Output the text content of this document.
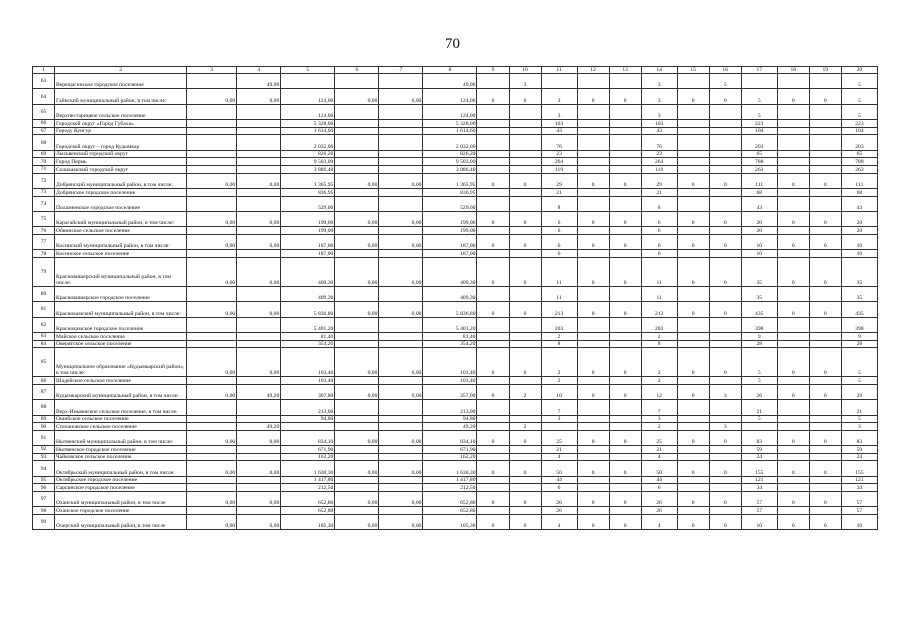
70
1	2	3	4	5	6	7	8	9	10	11	12	13	14	15	16	17	18	19	20
63	Верещагинское городское поселение		49,00				49,00		3				3		5				5
64	Гайнский муниципальный район, в том числе:	0,00	0,00	124,00	0,00	0,00	124,00	0	0	3	0	0	3	0	0	5	0	0	5
65	Верхнестарицкое сельское поселение			124,00			124,00			3			3			5			5
66	Городской округ «Город Губаха»			5 328,00			5 328,00			103			103			223			223
67	Городу Кунгур			1 614,60			1 614,60			43			43			104			104
68	Городской округ – город Кудымкар			2 032,00			2 032,00			76			76			203			203
69	Лысьвенский городской округ			826,20			826,20			23			23			65			65
70	Город Пермь			9 503,09			9 503,09			264			264			788			788
71	Соликамский городской округ			3 886,40			3 886,40			119			119			263			263
72	Добрянский муниципальный район, в том числе:	0,00	0,00	1 365,95	0,00	0,00	1 365,95	0	0	29	0	0	29	0	0	111	0	0	111
73	Добрянское городское поселение			836,95			836,95			21			21			68			68
74	Полазненское городское поселение			529,00			529,00			8			8			43			43
75	Карагайский муниципальный район, в том числе:	0,00	0,00	199,00	0,00	0,00	199,00	0	0	6	0	0	6	0	0	20	0	0	20
76	Обвинское сельское поселение			199,00			199,00			6			6			20			20
77	Косинский муниципальный район, в том числе:	0,00	0,00	187,00	0,00	0,00	187,00	0	0	6	0	0	6	0	0	10	0	0	10
78	Косинское сельское поселение			187,00			187,00			6			6			10			10
79	Красновишерский муниципальный район, в том числе:	0,00	0,00	409,30	0,00	0,00	409,30	0	0	11	0	0	11	0	0	35	0	0	35
80	Красновишерское городское поселение			409,30			409,30			11			11			35			35
81	Краснокамский муниципальный район, в том числе:	0,00	0,00	5 836,80	0,00	0,00	5 836,80	0	0	213	0	0	213	0	0	435	0	0	435
82	Краснокамское городское поселение			5 401,20			5 401,20			203			203			398			398
83	Майское сельское поселение			81,40			81,40			2			2			9			9
84	Оверятское сельское поселение			354,20			354,20			8			8			28			28
85	Муниципальное образование «Кудымкарский район», в том числе:	0,00	0,00	103,40	0,00	0,00	103,40	0	0	2	0	0	2	0	0	5	0	0	5
86	Шадейское сельское поселение			103,40			103,40			2			2			5			5
87	Кудымкарский муниципальный район, в том числе:	0,00	49,20	307,80	0,00	0,00	357,00	0	2	10	0	0	12	0	3	26	0	0	29
88	Верх-Иньвенское сельское поселение, в том числе:			213,00			213,00			7			7			21			21
89	Ошибское сельское поселение			94,80			94,80			3			3			5			5
90	Степановское сельское поселение		49,20				49,20		2				2		3				3
91	Нытвенский муниципальный район, в том числе:	0,00	0,00	834,10	0,00	0,00	834,10	0	0	25	0	0	25	0	0	83	0	0	83
92	Нытвенское городское поселение			671,90			671,90			21			21			59			59
93	Чайковское сельское поселение			162,20			162,20			4			4			24			24
94	Октябрьский муниципальный район, в том числе:	0,00	0,00	1 630,30	0,00	0,00	1 630,30	0	0	50	0	0	50	0	0	155	0	0	155
95	Октябрьское городское поселение			1 417,80			1 417,80			44			44			121			121
96	Сарсинское городское поселение			212,50			212,50			6			6			34			34
97	Оханский муниципальный район, в том числе	0,00	0,00	652,80	0,00	0,00	652,80	0	0	26	0	0	26	0	0	57	0	0	57
98	Оханское городское поселение			652,80			652,80			26			26			57			57
99	Очерский муниципальный район, в том числе	0,00	0,00	105,30	0,00	0,00	105,30	0	0	4	0	0	4	0	0	10	0	0	10
